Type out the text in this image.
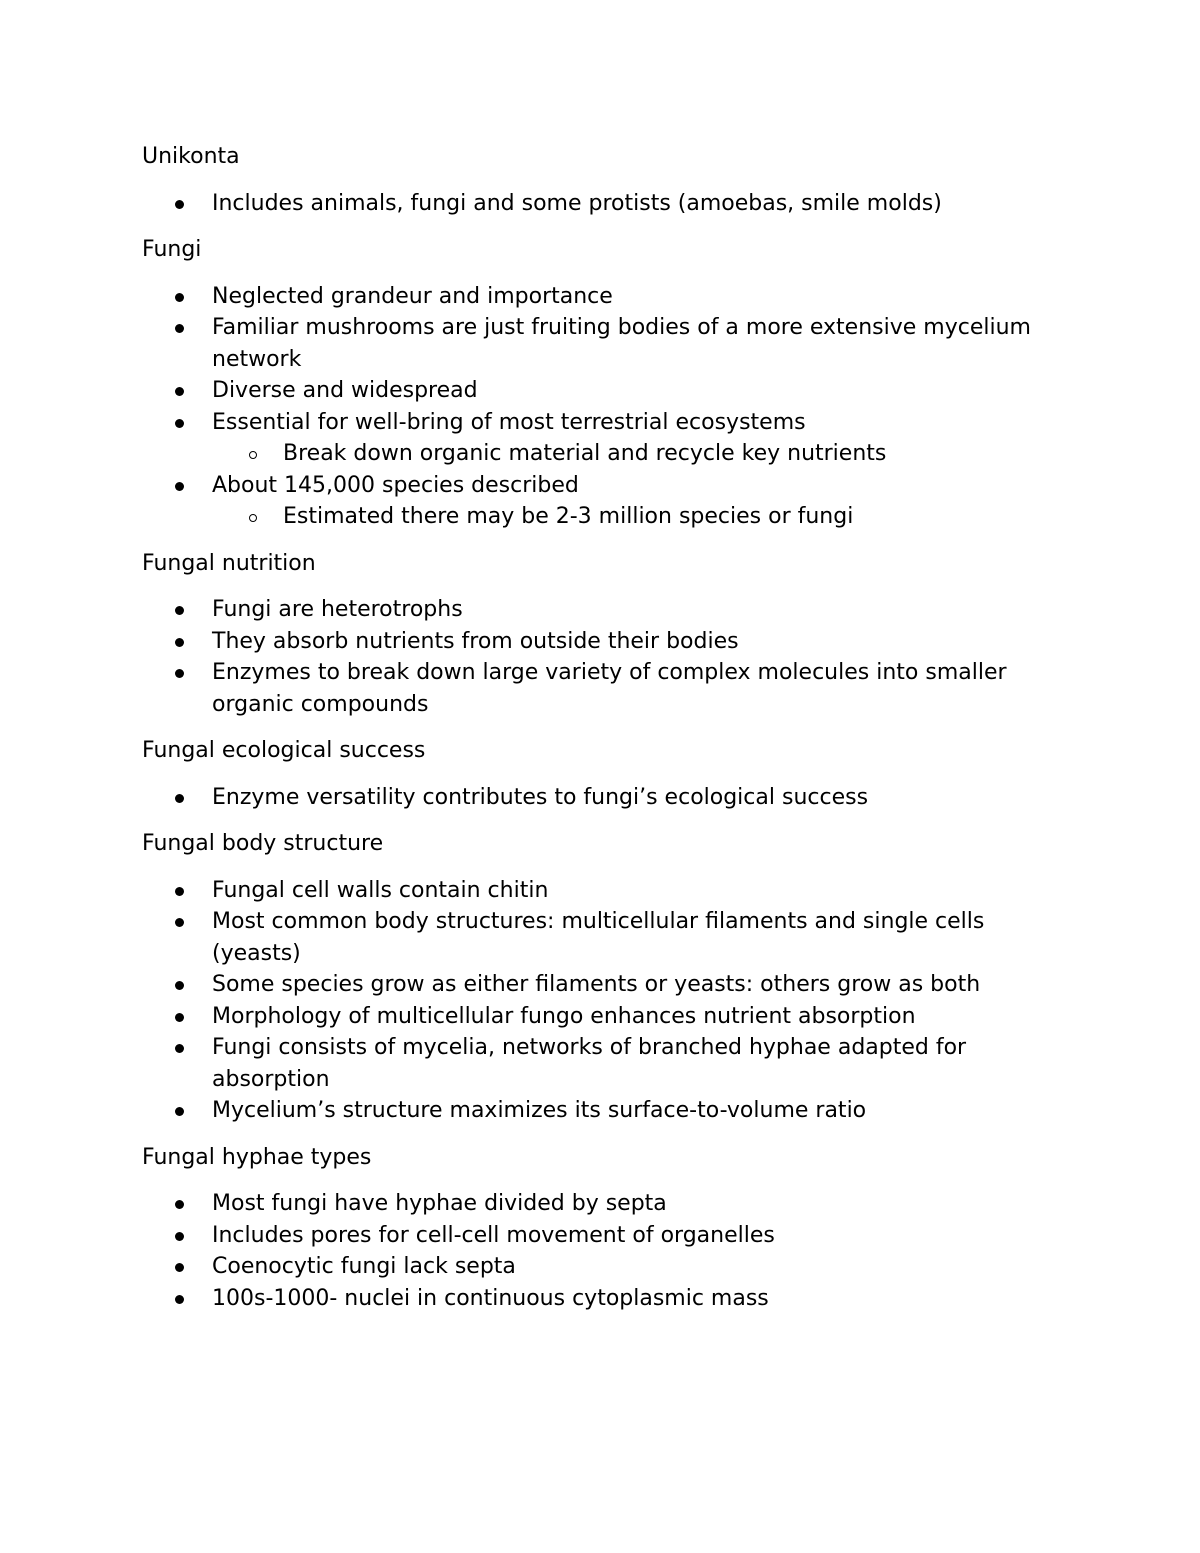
Unikonta

Includes animals, fungi and some protists (amoebas, smile molds)

Fungi

Neglected grandeur and importance
Familiar mushrooms are just fruiting bodies of a more extensive mycelium network
Diverse and widespread
Essential for well-bring of most terrestrial ecosystems
Break down organic material and recycle key nutrients
About 145,000 species described
Estimated there may be 2-3 million species or fungi

Fungal nutrition

Fungi are heterotrophs
They absorb nutrients from outside their bodies
Enzymes to break down large variety of complex molecules into smaller organic compounds

Fungal ecological success

Enzyme versatility contributes to fungi’s ecological success

Fungal body structure

Fungal cell walls contain chitin
Most common body structures: multicellular filaments and single cells (yeasts)
Some species grow as either filaments or yeasts: others grow as both
Morphology of multicellular fungo enhances nutrient absorption
Fungi consists of mycelia, networks of branched hyphae adapted for absorption
Mycelium’s structure maximizes its surface-to-volume ratio

Fungal hyphae types

Most fungi have hyphae divided by septa
Includes pores for cell-cell movement of organelles
Coenocytic fungi lack septa
100s-1000- nuclei in continuous cytoplasmic mass
